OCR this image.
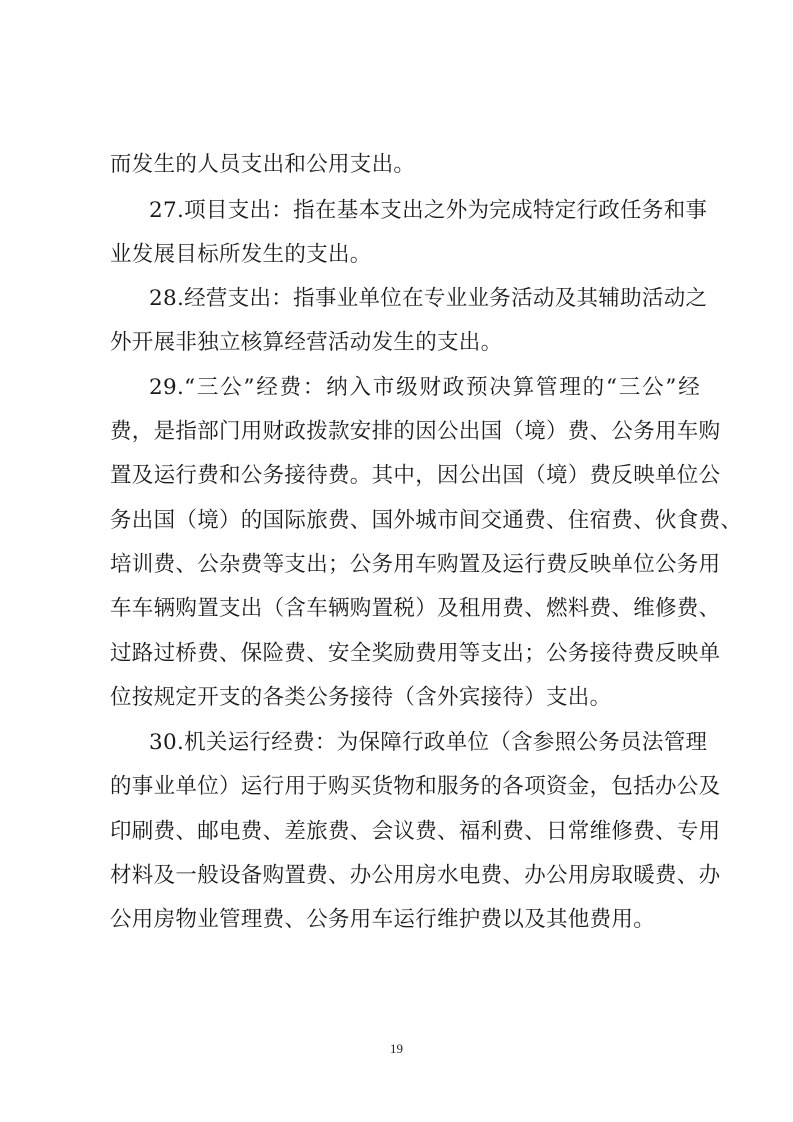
而发生的人员支出和公用支出。
27.项目支出：指在基本支出之外为完成特定行政任务和事
业发展目标所发生的支出。
28.经营支出：指事业单位在专业业务活动及其辅助活动之
外开展非独立核算经营活动发生的支出。
29.“三公”经费：纳入市级财政预决算管理的“三公”经
费，是指部门用财政拨款安排的因公出国（境）费、公务用车购
置及运行费和公务接待费。其中，因公出国（境）费反映单位公
务出国（境）的国际旅费、国外城市间交通费、住宿费、伙食费、
培训费、公杂费等支出；公务用车购置及运行费反映单位公务用
车车辆购置支出（含车辆购置税）及租用费、燃料费、维修费、
过路过桥费、保险费、安全奖励费用等支出；公务接待费反映单
位按规定开支的各类公务接待（含外宾接待）支出。
30.机关运行经费：为保障行政单位（含参照公务员法管理
的事业单位）运行用于购买货物和服务的各项资金，包括办公及
印刷费、邮电费、差旅费、会议费、福利费、日常维修费、专用
材料及一般设备购置费、办公用房水电费、办公用房取暖费、办
公用房物业管理费、公务用车运行维护费以及其他费用。
19
